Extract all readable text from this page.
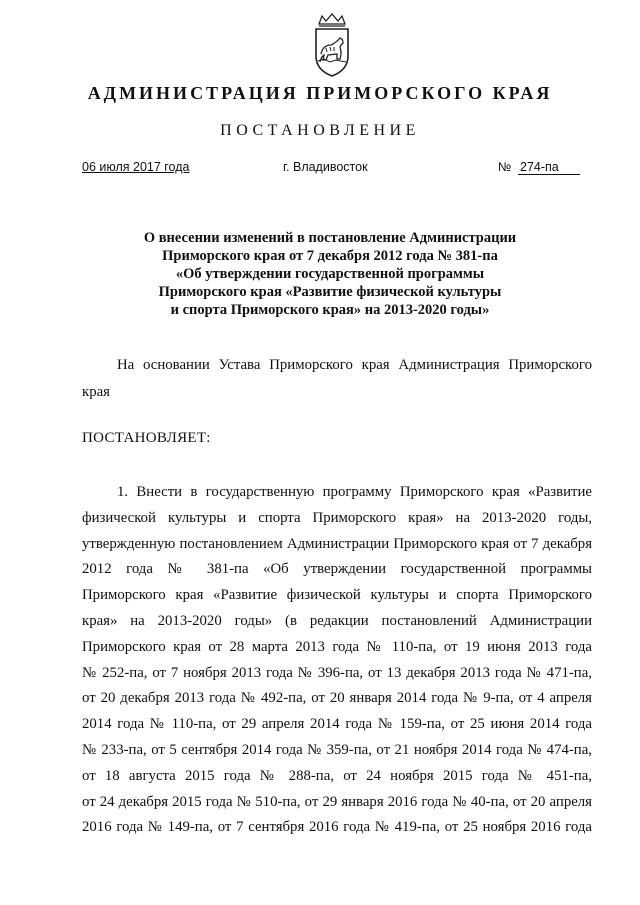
АДМИНИСТРАЦИЯ ПРИМОРСКОГО КРАЯ
ПОСТАНОВЛЕНИЕ
06 июля 2017 года	г. Владивосток	№ 274-па
О внесении изменений в постановление Администрации
Приморского края от 7 декабря 2012 года № 381-па
«Об утверждении государственной программы
Приморского края «Развитие физической культуры
и спорта Приморского края» на 2013-2020 годы»
На основании Устава Приморского края Администрация Приморского
края
ПОСТАНОВЛЯЕТ:
1. Внести в государственную программу Приморского края «Развитие
физической культуры и спорта Приморского края» на 2013-2020 годы,
утвержденную постановлением Администрации Приморского края от 7 декабря
2012 года № 381-па «Об утверждении государственной программы
Приморского края «Развитие физической культуры и спорта Приморского
края» на 2013-2020 годы» (в редакции постановлений Администрации
Приморского края от 28 марта 2013 года № 110-па, от 19 июня 2013 года
№ 252-па, от 7 ноября 2013 года № 396-па, от 13 декабря 2013 года № 471-па,
от 20 декабря 2013 года № 492-па, от 20 января 2014 года № 9-па, от 4 апреля
2014 года № 110-па, от 29 апреля 2014 года № 159-па, от 25 июня 2014 года
№ 233-па, от 5 сентября 2014 года № 359-па, от 21 ноября 2014 года № 474-па,
от 18 августа 2015 года № 288-па, от 24 ноября 2015 года № 451-па,
от 24 декабря 2015 года № 510-па, от 29 января 2016 года № 40-па, от 20 апреля
2016 года № 149-па, от 7 сентября 2016 года № 419-па, от 25 ноября 2016 года
